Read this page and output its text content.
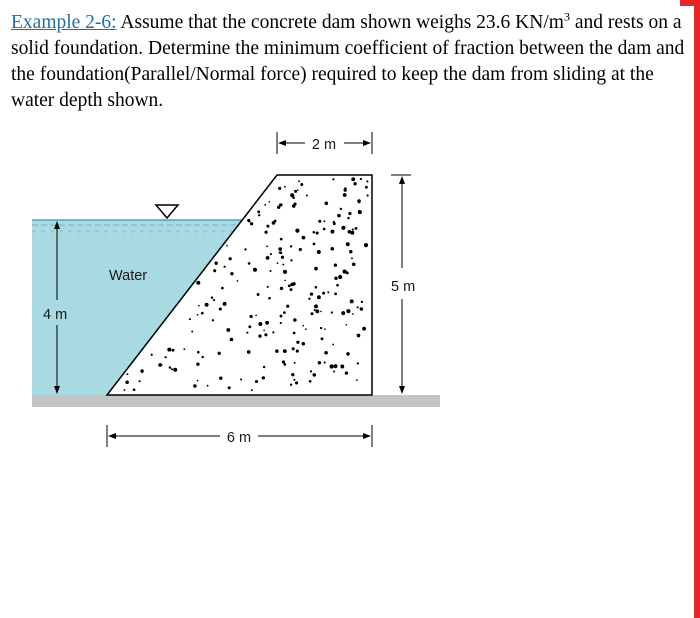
Example 2-6: Assume that the concrete dam shown weighs 23.6 $KN/m^3$ and rests on a solid foundation. Determine the minimum coefficient of fraction between the dam and the foundation(Parallel/Normal force) required to keep the dam from sliding at the water depth shown.
Water
2 m
5 m
4 m
6 m
